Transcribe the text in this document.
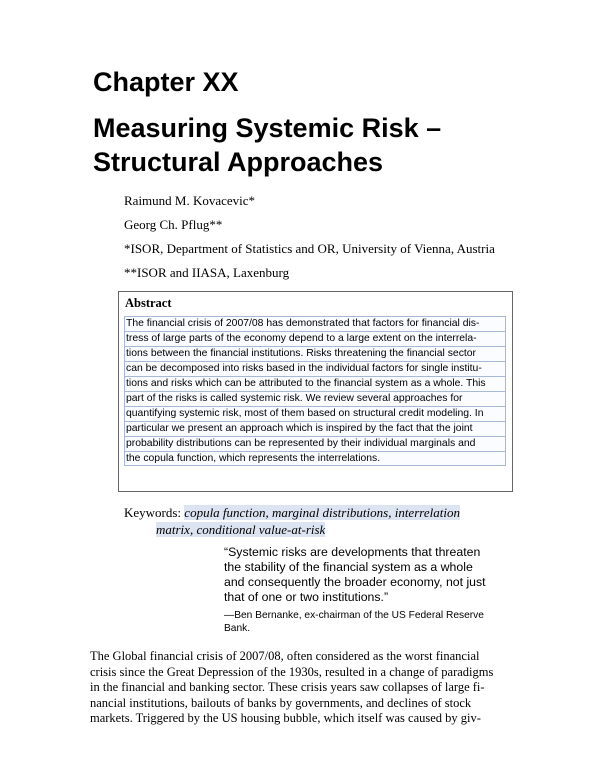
Chapter XX
Measuring Systemic Risk –
Structural Approaches
Raimund M. Kovacevic*
Georg Ch. Pflug**
*ISOR, Department of Statistics and OR, University of Vienna, Austria
**ISOR and IIASA, Laxenburg
Abstract
The financial crisis of 2007/08 has demonstrated that factors for financial dis-
tress of large parts of the economy depend to a large extent on the interrela-
tions between the financial institutions. Risks threatening the financial sector
can be decomposed into risks based in the individual factors for single institu-
tions and risks which can be attributed to the financial system as a whole. This
part of the risks is called systemic risk. We review several approaches for
quantifying systemic risk, most of them based on structural credit modeling. In
particular we present an approach which is inspired by the fact that the joint
probability distributions can be represented by their individual marginals and
the copula function, which represents the interrelations.
Keywords: copula function, marginal distributions, interrelation
matrix, conditional value-at-risk
“Systemic risks are developments that threaten
the stability of the financial system as a whole
and consequently the broader economy, not just
that of one or two institutions.”
—Ben Bernanke, ex-chairman of the US Federal Reserve
Bank.
The Global financial crisis of 2007/08, often considered as the worst financial
crisis since the Great Depression of the 1930s, resulted in a change of paradigms
in the financial and banking sector. These crisis years saw collapses of large fi-
nancial institutions, bailouts of banks by governments, and declines of stock
markets. Triggered by the US housing bubble, which itself was caused by giv-
